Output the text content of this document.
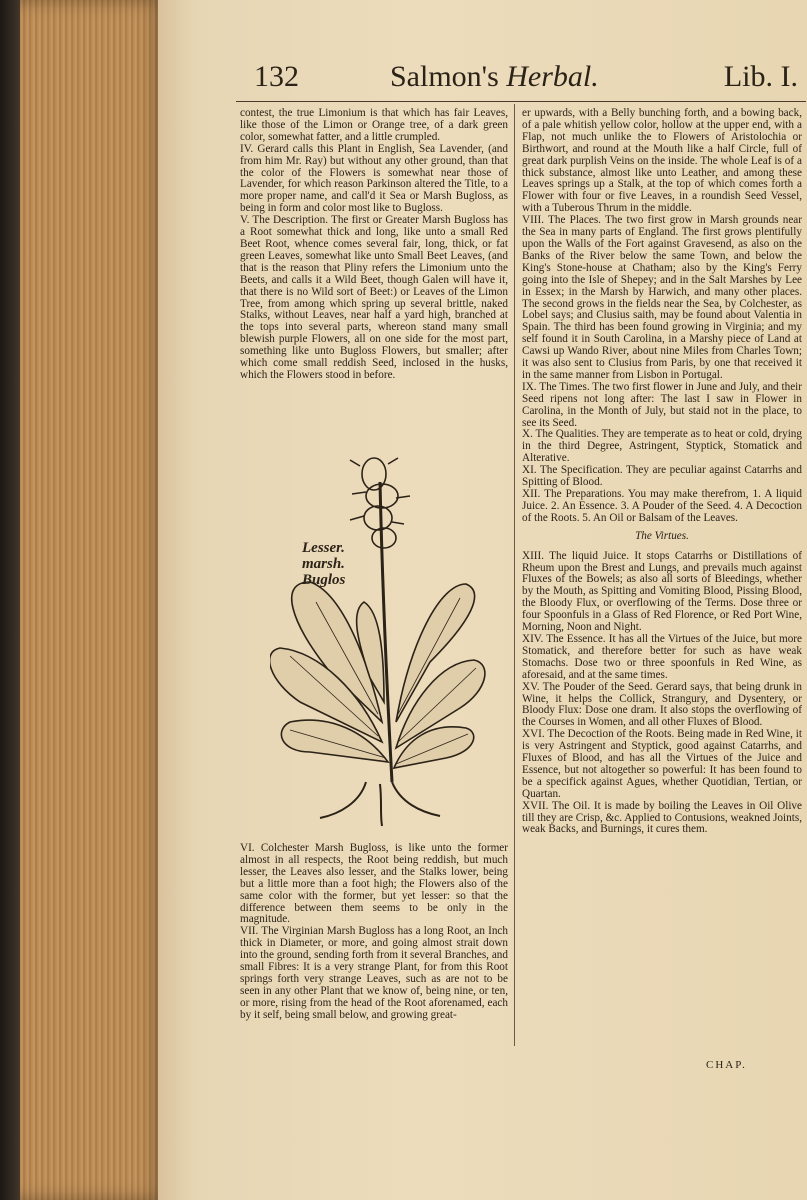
132	Salmon's Herbal.	Lib. I.

contest, the true Limonium is that which has fair Leaves, like those of the Limon or Orange tree, of a dark green color, somewhat fatter, and a little crumpled.

IV. Gerard calls this Plant in English, Sea Lavender, (and from him Mr. Ray) but without any other ground, than that the color of the Flowers is somewhat near those of Lavender, for which reason Parkinson altered the Title, to a more proper name, and call'd it Sea or Marsh Bugloss, as being in form and color most like to Bugloss.

V. The Description. The first or Greater Marsh Bugloss has a Root somewhat thick and long, like unto a small Red Beet Root, whence comes several fair, long, thick, or fat green Leaves, somewhat like unto Small Beet Leaves, (and that is the reason that Pliny refers the Limonium unto the Beets, and calls it a Wild Beet, though Galen will have it, that there is no Wild sort of Beet:) or Leaves of the Limon Tree, from among which spring up several brittle, naked Stalks, without Leaves, near half a yard high, branched at the tops into several parts, whereon stand many small blewish purple Flowers, all on one side for the most part, something like unto Bugloss Flowers, but smaller; after which come small reddish Seed, inclosed in the husks, which the Flowers stood in before.

Lesser.
marsh.
Buglos

VI. Colchester Marsh Bugloss, is like unto the former almost in all respects, the Root being reddish, but much lesser, the Leaves also lesser, and the Stalks lower, being but a little more than a foot high; the Flowers also of the same color with the former, but yet lesser: so that the difference between them seems to be only in the magnitude.

VII. The Virginian Marsh Bugloss has a long Root, an Inch thick in Diameter, or more, and going almost strait down into the ground, sending forth from it several Branches, and small Fibres: It is a very strange Plant, for from this Root springs forth very strange Leaves, such as are not to be seen in any other Plant that we know of, being nine, or ten, or more, rising from the head of the Root aforenamed, each by it self, being small below, and growing great-

er upwards, with a Belly bunching forth, and a bowing back, of a pale whitish yellow color, hollow at the upper end, with a Flap, not much unlike the to Flowers of Aristolochia or Birthwort, and round at the Mouth like a half Circle, full of great dark purplish Veins on the inside. The whole Leaf is of a thick substance, almost like unto Leather, and among these Leaves springs up a Stalk, at the top of which comes forth a Flower with four or five Leaves, in a roundish Seed Vessel, with a Tuberous Thrum in the middle.

VIII. The Places. The two first grow in Marsh grounds near the Sea in many parts of England. The first grows plentifully upon the Walls of the Fort against Gravesend, as also on the Banks of the River below the same Town, and below the King's Stone-house at Chatham; also by the King's Ferry going into the Isle of Shepey; and in the Salt Marshes by Lee in Essex; in the Marsh by Harwich, and many other places. The second grows in the fields near the Sea, by Colchester, as Lobel says; and Clusius saith, may be found about Valentia in Spain. The third has been found growing in Virginia; and my self found it in South Carolina, in a Marshy piece of Land at Cawsi up Wando River, about nine Miles from Charles Town; it was also sent to Clusius from Paris, by one that received it in the same manner from Lisbon in Portugal.

IX. The Times. The two first flower in June and July, and their Seed ripens not long after: The last I saw in Flower in Carolina, in the Month of July, but staid not in the place, to see its Seed.

X. The Qualities. They are temperate as to heat or cold, drying in the third Degree, Astringent, Styptick, Stomatick and Alterative.

XI. The Specification. They are peculiar against Catarrhs and Spitting of Blood.

XII. The Preparations. You may make therefrom, 1. A liquid Juice. 2. An Essence. 3. A Pouder of the Seed. 4. A Decoction of the Roots. 5. An Oil or Balsam of the Leaves.

The Virtues.

XIII. The liquid Juice. It stops Catarrhs or Distillations of Rheum upon the Brest and Lungs, and prevails much against Fluxes of the Bowels; as also all sorts of Bleedings, whether by the Mouth, as Spitting and Vomiting Blood, Pissing Blood, the Bloody Flux, or overflowing of the Terms. Dose three or four Spoonfuls in a Glass of Red Florence, or Red Port Wine, Morning, Noon and Night.

XIV. The Essence. It has all the Virtues of the Juice, but more Stomatick, and therefore better for such as have weak Stomachs. Dose two or three spoonfuls in Red Wine, as aforesaid, and at the same times.

XV. The Pouder of the Seed. Gerard says, that being drunk in Wine, it helps the Collick, Strangury, and Dysentery, or Bloody Flux: Dose one dram. It also stops the overflowing of the Courses in Women, and all other Fluxes of Blood.

XVI. The Decoction of the Roots. Being made in Red Wine, it is very Astringent and Styptick, good against Catarrhs, and Fluxes of Blood, and has all the Virtues of the Juice and Essence, but not altogether so powerful: It has been found to be a specifick against Agues, whether Quotidian, Tertian, or Quartan.

XVII. The Oil. It is made by boiling the Leaves in Oil Olive till they are Crisp, &c. Applied to Contusions, weakned Joints, weak Backs, and Burnings, it cures them.

CHAP.
